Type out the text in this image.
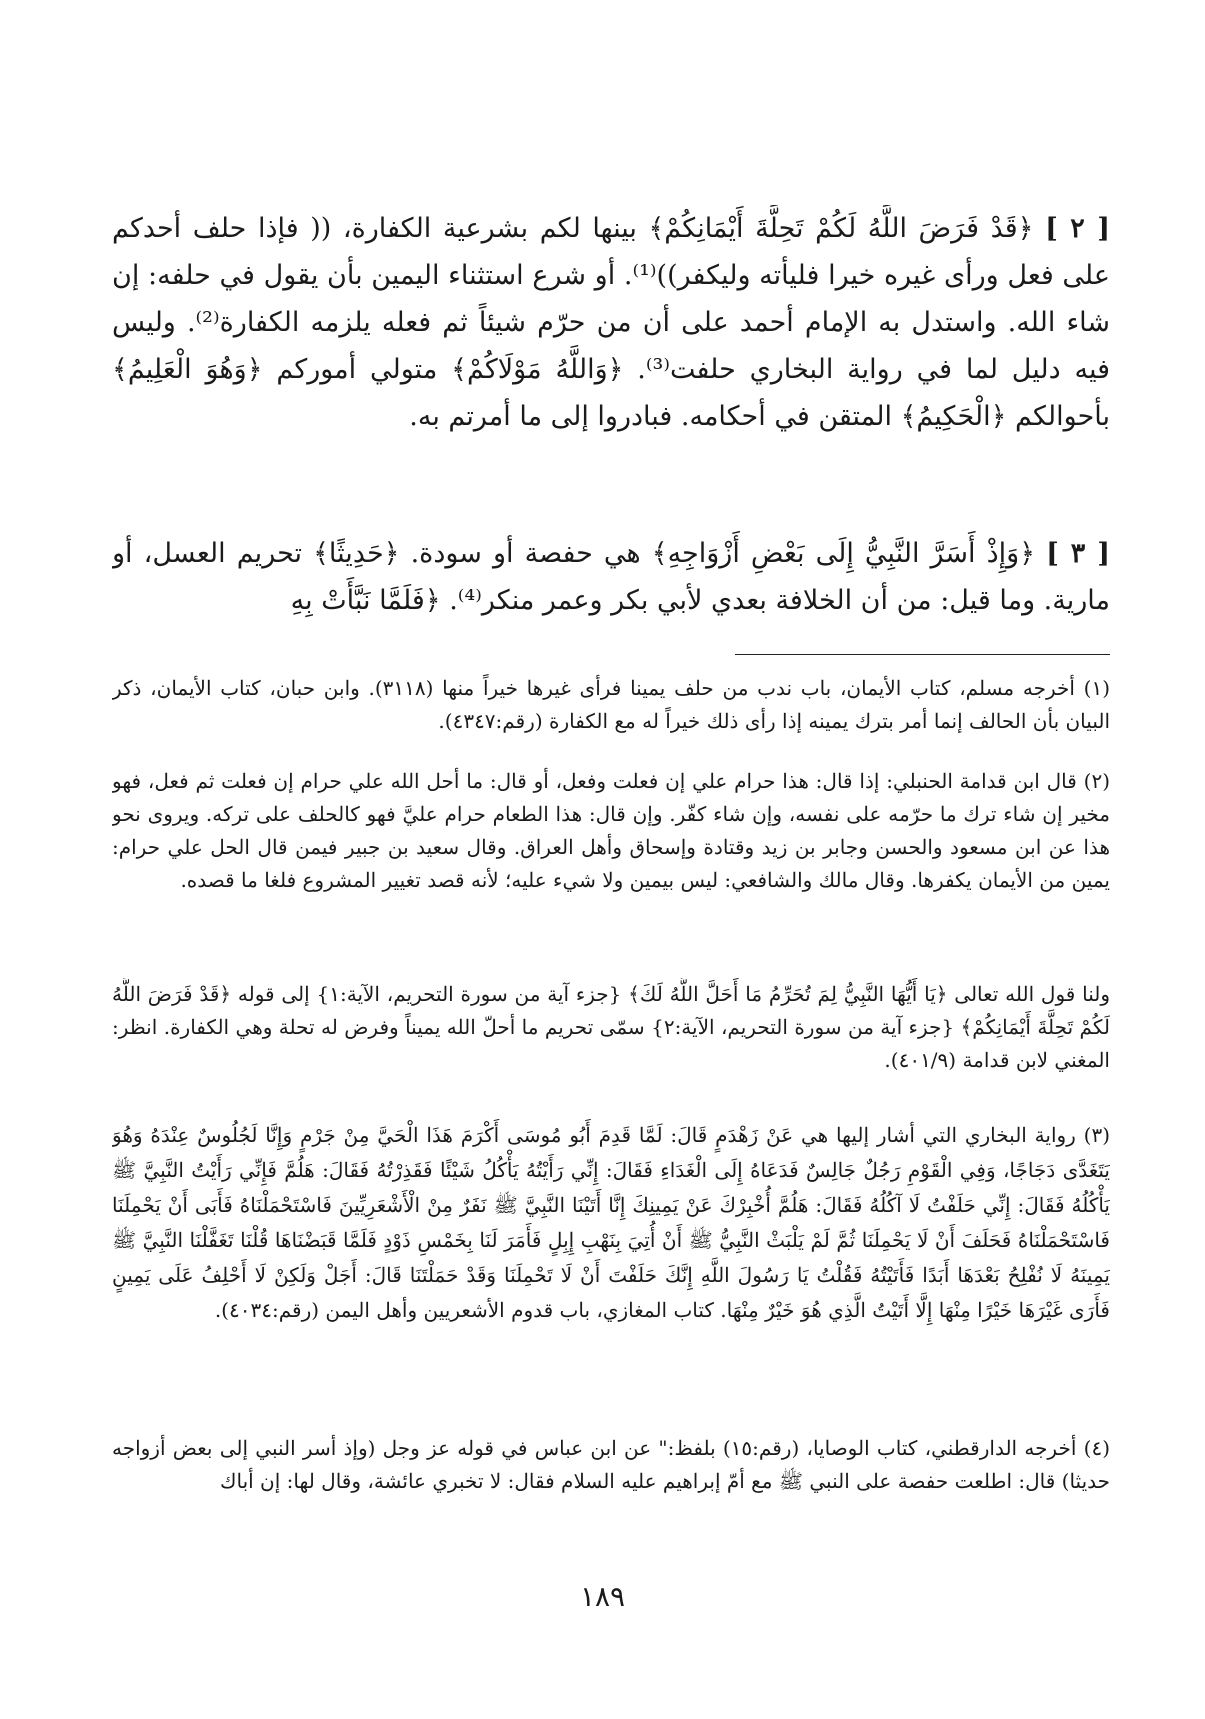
[ ٢ ] ﴿قَدْ فَرَضَ اللَّهُ لَكُمْ تَحِلَّةَ أَيْمَانِكُمْ﴾ بينها لكم بشرعية الكفارة، (( فإذا حلف أحدكم على فعل ورأى غيره خيرا فليأته وليكفر))⁽¹⁾. أو شرع استثناء اليمين بأن يقول في حلفه: إن شاء الله. واستدل به الإمام أحمد على أن من حرّم شيئاً ثم فعله يلزمه الكفارة⁽²⁾. وليس فيه دليل لما في رواية البخاري حلفت⁽³⁾. ﴿وَاللَّهُ مَوْلَاكُمْ﴾ متولي أموركم ﴿وَهُوَ الْعَلِيمُ﴾ بأحوالكم ﴿الْحَكِيمُ﴾ المتقن في أحكامه. فبادروا إلى ما أمرتم به.

[ ٣ ] ﴿وَإِذْ أَسَرَّ النَّبِيُّ إِلَى بَعْضِ أَزْوَاجِهِ﴾ هي حفصة أو سودة. ﴿حَدِيثًا﴾ تحريم العسل، أو مارية. وما قيل: من أن الخلافة بعدي لأبي بكر وعمر منكر⁽⁴⁾. ﴿فَلَمَّا نَبَّأَتْ بِهِ

(١) أخرجه مسلم، كتاب الأيمان، باب ندب من حلف يمينا فرأى غيرها خيراً منها (٣١١٨). وابن حبان، كتاب الأيمان، ذكر البيان بأن الحالف إنما أمر بترك يمينه إذا رأى ذلك خيراً له مع الكفارة (رقم:٤٣٤٧).

(٢) قال ابن قدامة الحنبلي: إذا قال: هذا حرام علي إن فعلت وفعل، أو قال: ما أحل الله علي حرام إن فعلت ثم فعل، فهو مخير إن شاء ترك ما حرّمه على نفسه، وإن شاء كفّر. وإن قال: هذا الطعام حرام عليَّ فهو كالحلف على تركه. ويروى نحو هذا عن ابن مسعود والحسن وجابر بن زيد وقتادة وإسحاق وأهل العراق. وقال سعيد بن جبير فيمن قال الحل علي حرام: يمين من الأيمان يكفرها. وقال مالك والشافعي: ليس بيمين ولا شيء عليه؛ لأنه قصد تغيير المشروع فلغا ما قصده.

ولنا قول الله تعالى ﴿يَا أَيُّهَا النَّبِيُّ لِمَ تُحَرِّمُ مَا أَحَلَّ اللَّهُ لَكَ﴾ {جزء آية من سورة التحريم، الآية:١} إلى قوله ﴿قَدْ فَرَضَ اللَّهُ لَكُمْ تَحِلَّةَ أَيْمَانِكُمْ﴾ {جزء آية من سورة التحريم، الآية:٢} سمّى تحريم ما أحلّ الله يميناً وفرض له تحلة وهي الكفارة. انظر: المغني لابن قدامة (٤٠١/٩).

(٣) رواية البخاري التي أشار إليها هي عَنْ زَهْدَمٍ قَالَ: لَمَّا قَدِمَ أَبُو مُوسَى أَكْرَمَ هَذَا الْحَيَّ مِنْ جَرْمٍ وَإِنَّا لَجُلُوسٌ عِنْدَهُ وَهُوَ يَتَغَدَّى دَجَاجًا، وَفِي الْقَوْمِ رَجُلٌ جَالِسٌ فَدَعَاهُ إِلَى الْغَدَاءِ فَقَالَ: إِنِّي رَأَيْتُهُ يَأْكُلُ شَيْئًا فَقَذِرْتُهُ فَقَالَ: هَلُمَّ فَإِنِّي رَأَيْتُ النَّبِيَّ ﷺ يَأْكُلُهُ فَقَالَ: إِنِّي حَلَفْتُ لَا آكُلُهُ فَقَالَ: هَلُمَّ أُخْبِرْكَ عَنْ يَمِينِكَ إِنَّا أَتَيْنَا النَّبِيَّ ﷺ نَفَرٌ مِنْ الْأَشْعَرِيِّينَ فَاسْتَحْمَلْنَاهُ فَأَبَى أَنْ يَحْمِلَنَا فَاسْتَحْمَلْنَاهُ فَحَلَفَ أَنْ لَا يَحْمِلَنَا ثُمَّ لَمْ يَلْبَثْ النَّبِيُّ ﷺ أَنْ أُتِيَ بِنَهْبِ إِبِلٍ فَأَمَرَ لَنَا بِخَمْسِ ذَوْدٍ فَلَمَّا قَبَضْنَاهَا قُلْنَا تَغَفَّلْنَا النَّبِيَّ ﷺ يَمِينَهُ لَا نُفْلِحُ بَعْدَهَا أَبَدًا فَأَتَيْتُهُ فَقُلْتُ يَا رَسُولَ اللَّهِ إِنَّكَ حَلَفْتَ أَنْ لَا تَحْمِلَنَا وَقَدْ حَمَلْتَنَا قَالَ: أَجَلْ وَلَكِنْ لَا أَحْلِفُ عَلَى يَمِينٍ فَأَرَى غَيْرَهَا خَيْرًا مِنْهَا إِلَّا أَتَيْتُ الَّذِي هُوَ خَيْرٌ مِنْهَا. كتاب المغازي، باب قدوم الأشعريين وأهل اليمن (رقم:٤٠٣٤).

(٤) أخرجه الدارقطني، كتاب الوصايا، (رقم:١٥) بلفظ:" عن ابن عباس في قوله عز وجل (وإذ أسر النبي إلى بعض أزواجه حديثا) قال: اطلعت حفصة على النبي ﷺ مع أمّ إبراهيم عليه السلام فقال: لا تخبري عائشة، وقال لها: إن أباك

١٨٩
